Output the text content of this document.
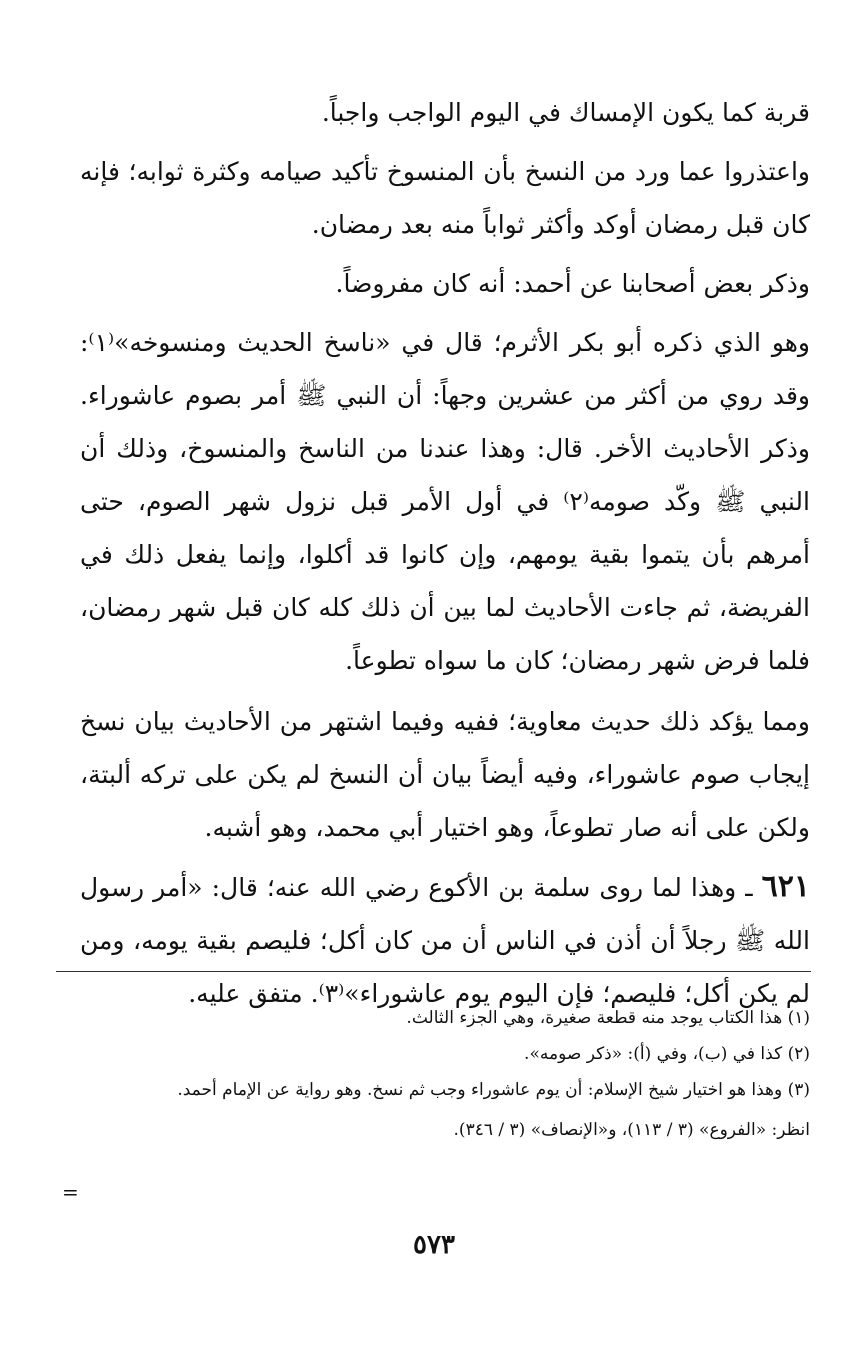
قربة كما يكون الإمساك في اليوم الواجب واجباً.

واعتذروا عما ورد من النسخ بأن المنسوخ تأكيد صيامه وكثرة ثوابه؛ فإنه كان قبل رمضان أوكد وأكثر ثواباً منه بعد رمضان.

وذكر بعض أصحابنا عن أحمد: أنه كان مفروضاً.

وهو الذي ذكره أبو بكر الأثرم؛ قال في «ناسخ الحديث ومنسوخه»⁽١⁾: وقد روي من أكثر من عشرين وجهاً: أن النبي ﷺ أمر بصوم عاشوراء. وذكر الأحاديث الأخر. قال: وهذا عندنا من الناسخ والمنسوخ، وذلك أن النبي ﷺ وكّد صومه⁽٢⁾ في أول الأمر قبل نزول شهر الصوم، حتى أمرهم بأن يتموا بقية يومهم، وإن كانوا قد أكلوا، وإنما يفعل ذلك في الفريضة، ثم جاءت الأحاديث لما بين أن ذلك كله كان قبل شهر رمضان، فلما فرض شهر رمضان؛ كان ما سواه تطوعاً.

ومما يؤكد ذلك حديث معاوية؛ ففيه وفيما اشتهر من الأحاديث بيان نسخ إيجاب صوم عاشوراء، وفيه أيضاً بيان أن النسخ لم يكن على تركه ألبتة، ولكن على أنه صار تطوعاً، وهو اختيار أبي محمد، وهو أشبه.

٦٢١ ـ وهذا لما روى سلمة بن الأكوع رضي الله عنه؛ قال: «أمر رسول الله ﷺ رجلاً أن أذن في الناس أن من كان أكل؛ فليصم بقية يومه، ومن لم يكن أكل؛ فليصم؛ فإن اليوم يوم عاشوراء»⁽٣⁾. متفق عليه.

(١) هذا الكتاب يوجد منه قطعة صغيرة، وهي الجزء الثالث.

(٢) كذا في (ب)، وفي (أ): «ذكر صومه».

(٣) وهذا هو اختيار شيخ الإسلام: أن يوم عاشوراء وجب ثم نسخ. وهو رواية عن الإمام أحمد.

انظر: «الفروع» (٣ / ١١٣)، و«الإنصاف» (٣ / ٣٤٦).

=
٥٧٣
